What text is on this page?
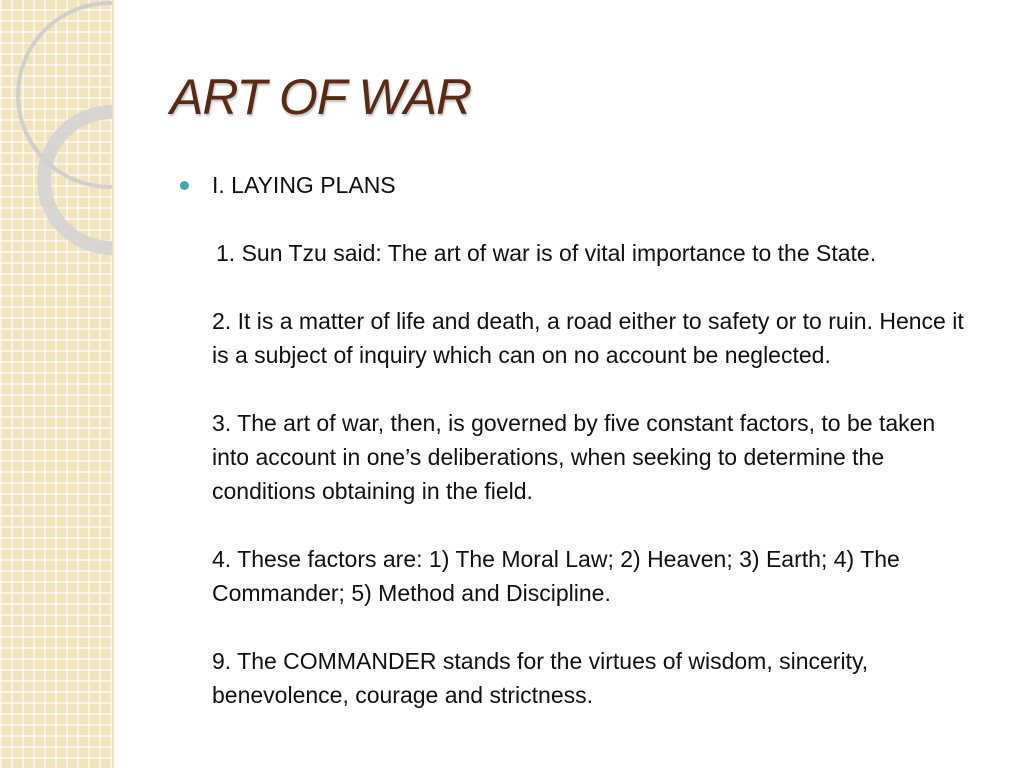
ART OF WAR
I. LAYING PLANS
1. Sun Tzu said: The art of war is of vital importance to the State.
2. It is a matter of life and death, a road either to safety or to ruin. Hence it is a subject of inquiry which can on no account be neglected.
3. The art of war, then, is governed by five constant factors, to be taken into account in one’s deliberations, when seeking to determine the conditions obtaining in the field.
4. These factors are: 1) The Moral Law; 2) Heaven; 3) Earth; 4) The Commander; 5) Method and Discipline.
9. The COMMANDER stands for the virtues of wisdom, sincerity, benevolence, courage and strictness.
